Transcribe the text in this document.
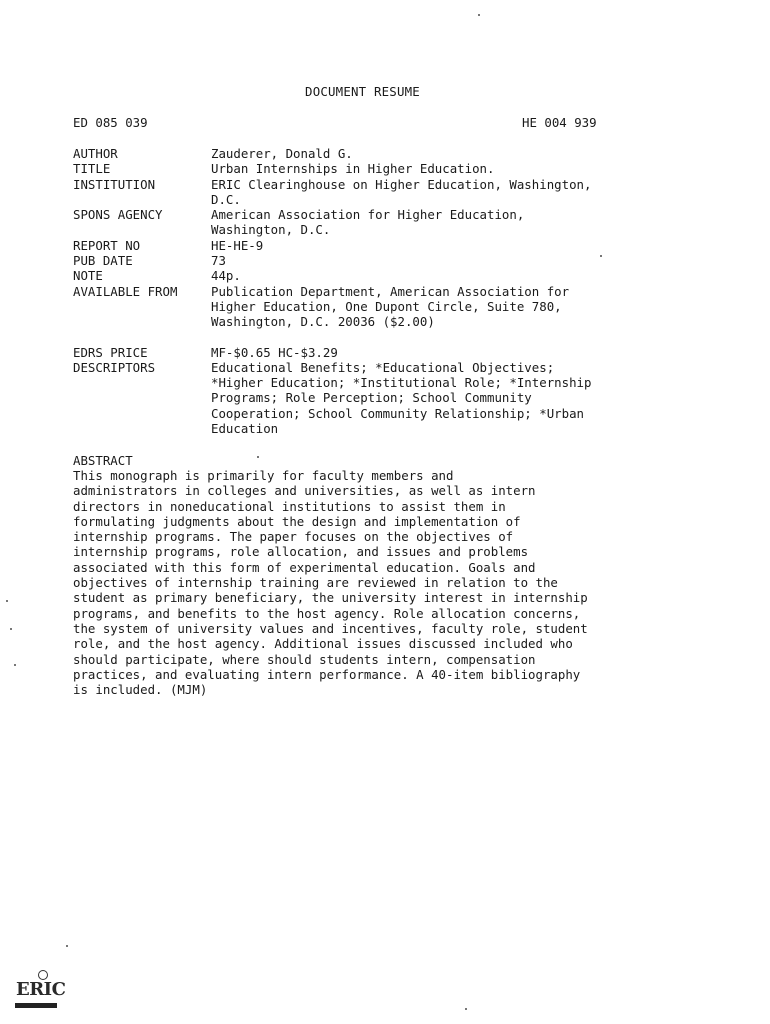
DOCUMENT RESUME
ED 085 039	HE 004 939
AUTHOR	Zauderer, Donald G.
TITLE	Urban Internships in Higher Education.
INSTITUTION	ERIC Clearinghouse on Higher Education, Washington,
D.C.
SPONS AGENCY	American Association for Higher Education,
Washington, D.C.
REPORT NO	HE-HE-9
PUB DATE	73
NOTE	44p.
AVAILABLE FROM	Publication Department, American Association for
Higher Education, One Dupont Circle, Suite 780,
Washington, D.C. 20036 ($2.00)
EDRS PRICE	MF-$0.65 HC-$3.29
DESCRIPTORS	Educational Benefits; *Educational Objectives;
*Higher Education; *Institutional Role; *Internship
Programs; Role Perception; School Community
Cooperation; School Community Relationship; *Urban
Education
ABSTRACT
This monograph is primarily for faculty members and
administrators in colleges and universities, as well as intern
directors in noneducational institutions to assist them in
formulating judgments about the design and implementation of
internship programs. The paper focuses on the objectives of
internship programs, role allocation, and issues and problems
associated with this form of experimental education. Goals and
objectives of internship training are reviewed in relation to the
student as primary beneficiary, the university interest in internship
programs, and benefits to the host agency. Role allocation concerns,
the system of university values and incentives, faculty role, student
role, and the host agency. Additional issues discussed included who
should participate, where should students intern, compensation
practices, and evaluating intern performance. A 40-item bibliography
is included. (MJM)
ERIC
